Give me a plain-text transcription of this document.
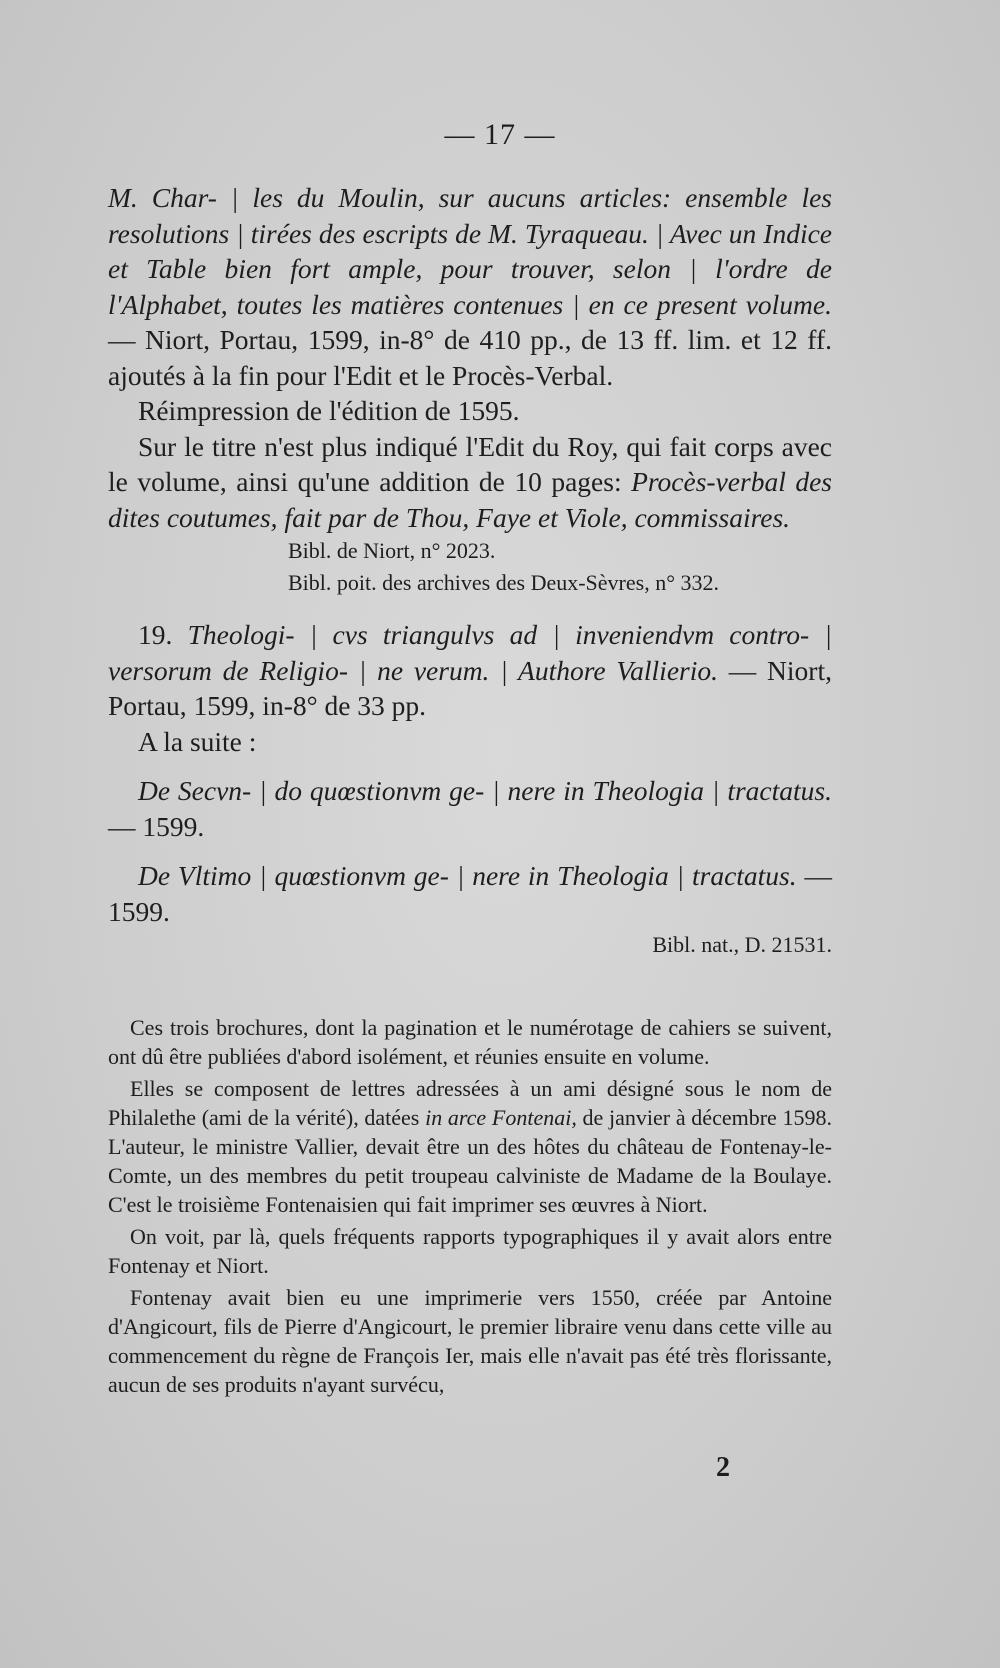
— 17 —

M. Char- | les du Moulin, sur aucuns articles: ensemble les resolutions | tirées des escripts de M. Tyraqueau. | Avec un Indice et Table bien fort ample, pour trouver, selon | l'ordre de l'Alphabet, toutes les matières contenues | en ce present volume. — Niort, Portau, 1599, in-8° de 410 pp., de 13 ff. lim. et 12 ff. ajoutés à la fin pour l'Edit et le Procès-Verbal.

Réimpression de l'édition de 1595.

Sur le titre n'est plus indiqué l'Edit du Roy, qui fait corps avec le volume, ainsi qu'une addition de 10 pages: Procès-verbal des dites coutumes, fait par de Thou, Faye et Viole, commissaires.

Bibl. de Niort, n° 2023.

Bibl. poit. des archives des Deux-Sèvres, n° 332.

19. Theologi- | cvs triangulvs ad | inveniendvm contro- | versorum de Religio- | ne verum. | Authore Vallierio. — Niort, Portau, 1599, in-8° de 33 pp.

A la suite :

De Secvn- | do quœstionvm ge- | nere in Theologia | tractatus. — 1599.

De Vltimo | quœstionvm ge- | nere in Theologia | tractatus. — 1599.

Bibl. nat., D. 21531.

Ces trois brochures, dont la pagination et le numérotage de cahiers se suivent, ont dû être publiées d'abord isolément, et réunies ensuite en volume.

Elles se composent de lettres adressées à un ami désigné sous le nom de Philalethe (ami de la vérité), datées in arce Fontenai, de janvier à décembre 1598. L'auteur, le ministre Vallier, devait être un des hôtes du château de Fontenay-le-Comte, un des membres du petit troupeau calviniste de Madame de la Boulaye. C'est le troisième Fontenaisien qui fait imprimer ses œuvres à Niort.

On voit, par là, quels fréquents rapports typographiques il y avait alors entre Fontenay et Niort.

Fontenay avait bien eu une imprimerie vers 1550, créée par Antoine d'Angicourt, fils de Pierre d'Angicourt, le premier libraire venu dans cette ville au commencement du règne de François Ier, mais elle n'avait pas été très florissante, aucun de ses produits n'ayant survécu,

2
